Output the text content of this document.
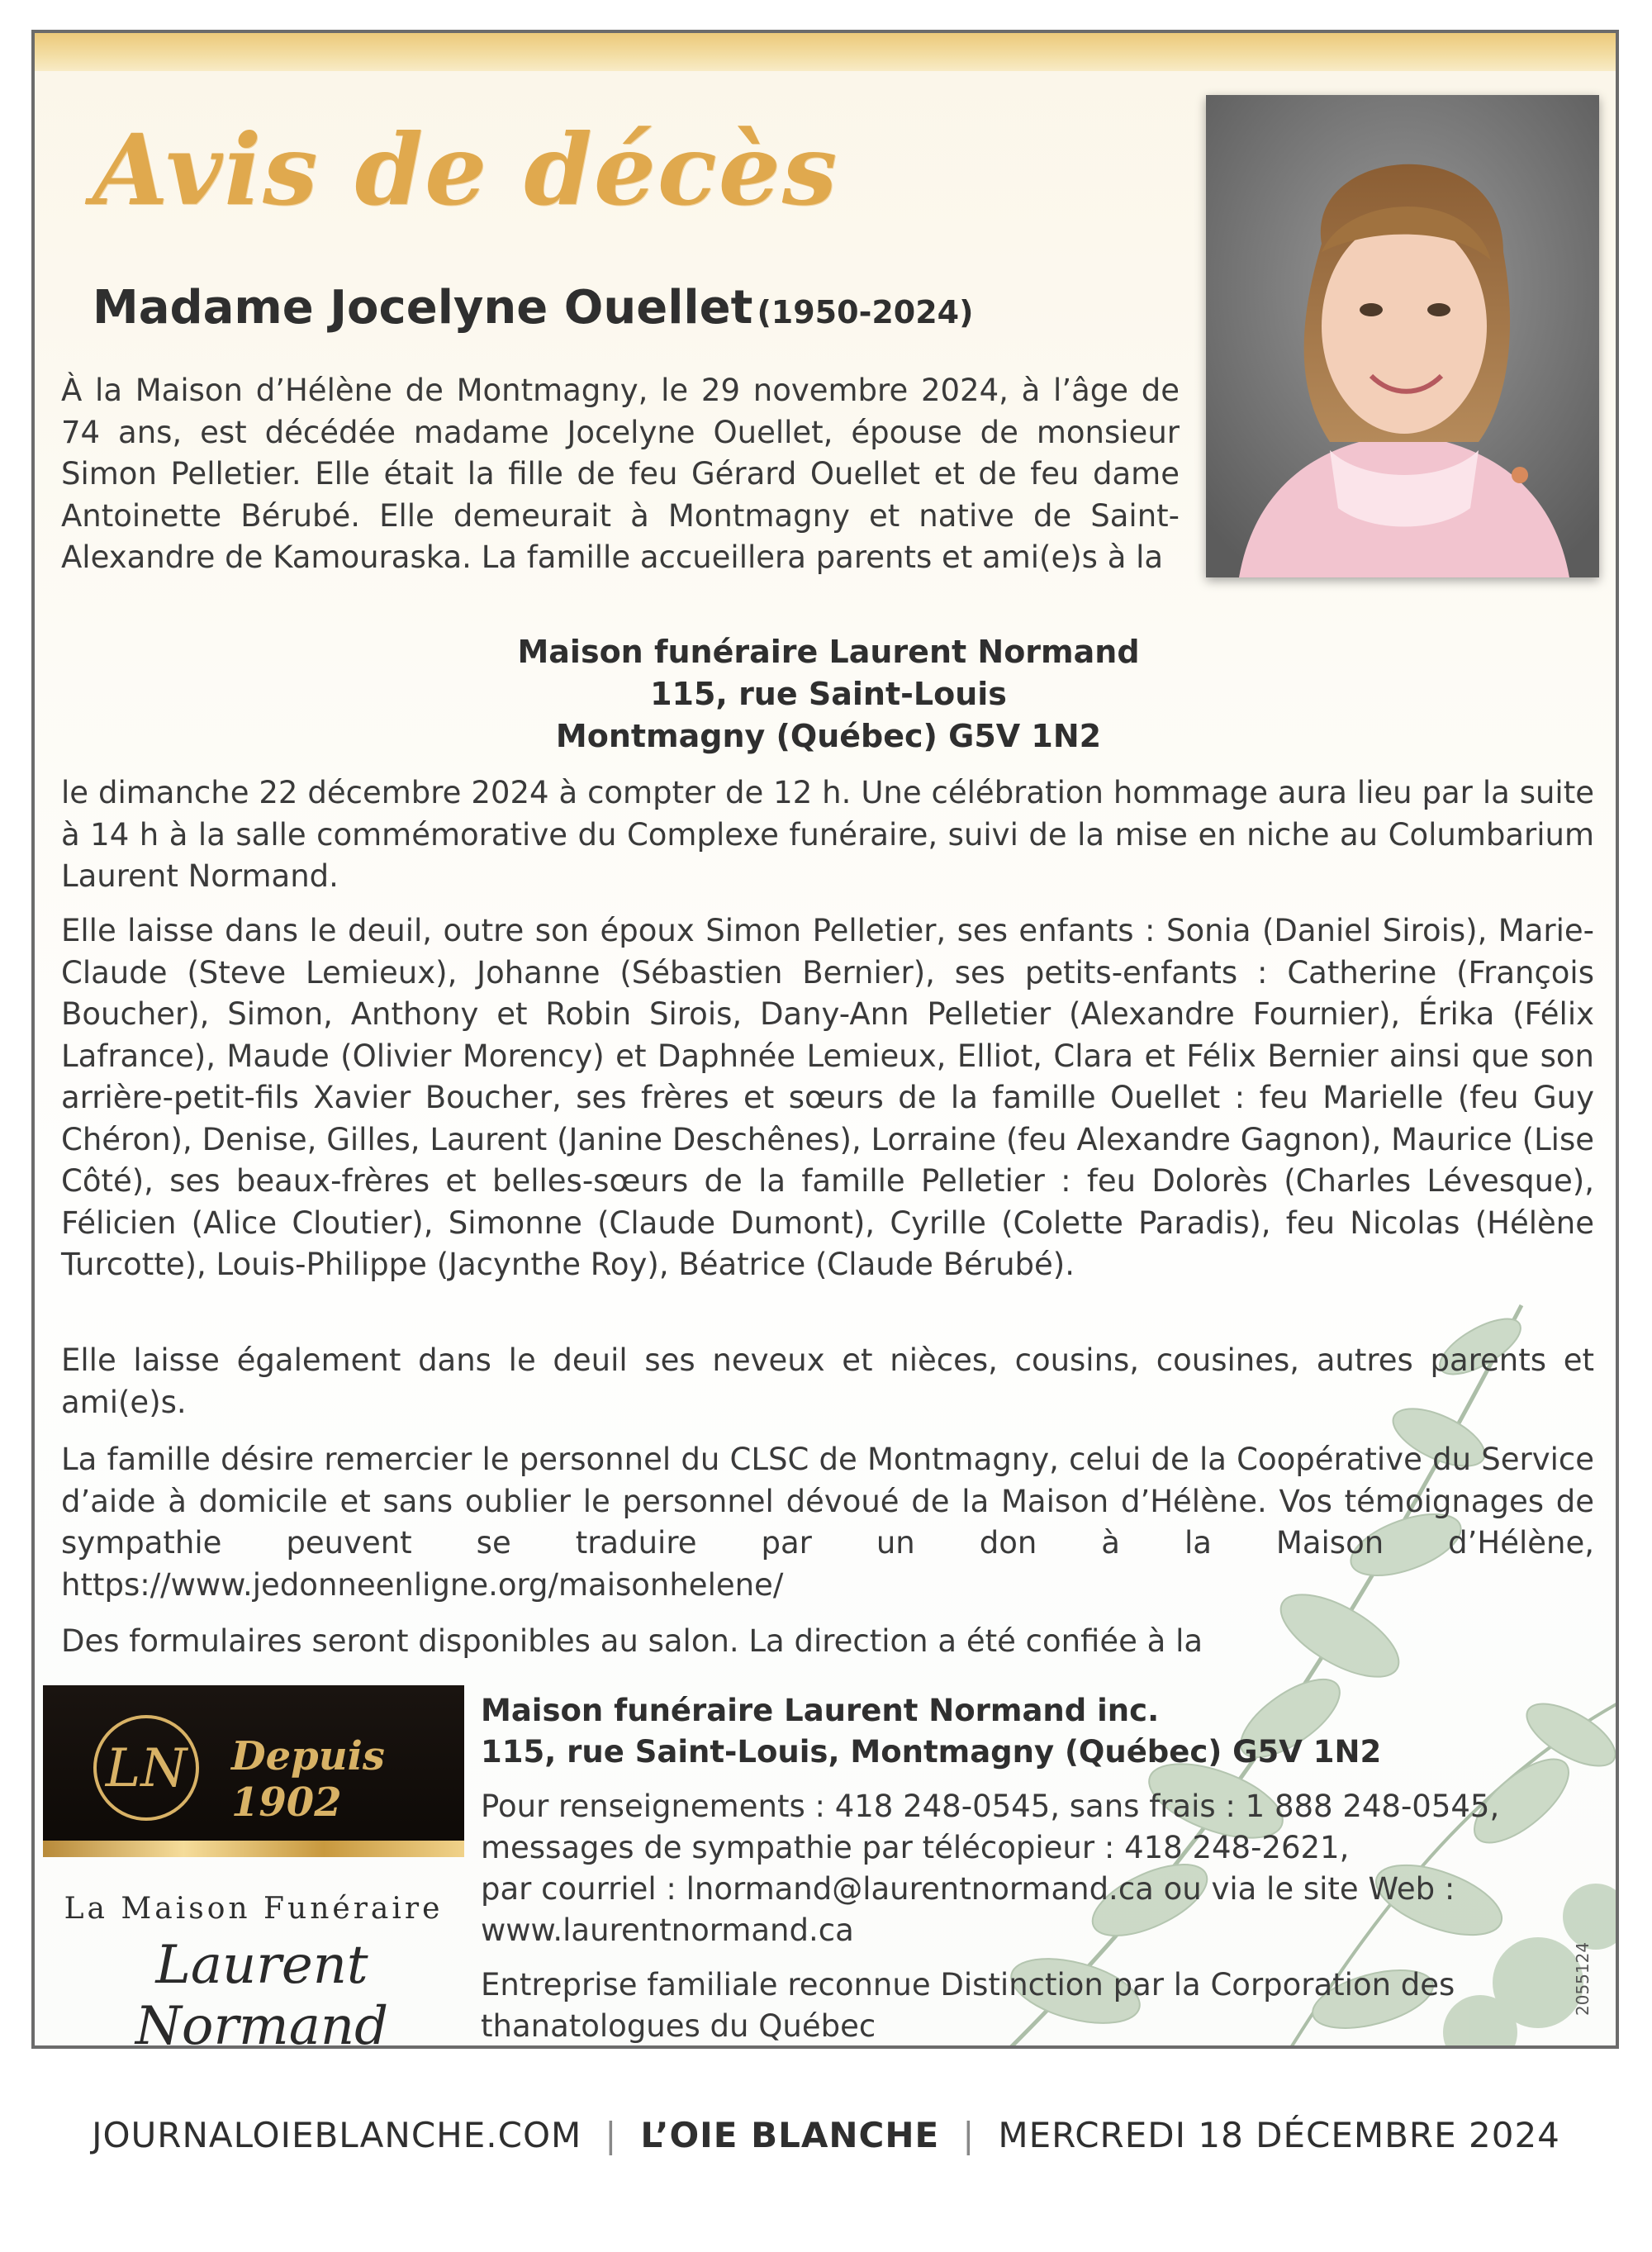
Avis de décès
Madame Jocelyne Ouellet (1950-2024)

À la Maison d’Hélène de Montmagny, le 29 novembre 2024, à l’âge de 74 ans, est décédée madame Jocelyne Ouellet, épouse de monsieur Simon Pelletier. Elle était la fille de feu Gérard Ouellet et de feu dame Antoinette Bérubé. Elle demeurait à Montmagny et native de Saint-Alexandre de Kamouraska. La famille accueillera parents et ami(e)s à la

Maison funéraire Laurent Normand
115, rue Saint-Louis
Montmagny (Québec) G5V 1N2

le dimanche 22 décembre 2024 à compter de 12 h. Une célébration hommage aura lieu par la suite à 14 h à la salle commémorative du Complexe funéraire, suivi de la mise en niche au Columbarium Laurent Normand.

Elle laisse dans le deuil, outre son époux Simon Pelletier, ses enfants : Sonia (Daniel Sirois), Marie-Claude (Steve Lemieux), Johanne (Sébastien Bernier), ses petits-enfants : Catherine (François Boucher), Simon, Anthony et Robin Sirois, Dany-Ann Pelletier (Alexandre Fournier), Érika (Félix Lafrance), Maude (Olivier Morency) et Daphnée Lemieux, Elliot, Clara et Félix Bernier ainsi que son arrière-petit-fils Xavier Boucher, ses frères et sœurs de la famille Ouellet : feu Marielle (feu Guy Chéron), Denise, Gilles, Laurent (Janine Deschênes), Lorraine (feu Alexandre Gagnon), Maurice (Lise Côté), ses beaux-frères et belles-sœurs de la famille Pelletier : feu Dolorès (Charles Lévesque), Félicien (Alice Cloutier), Simonne (Claude Dumont), Cyrille (Colette Paradis), feu Nicolas (Hélène Turcotte), Louis-Philippe (Jacynthe Roy), Béatrice (Claude Bérubé).

Elle laisse également dans le deuil ses neveux et nièces, cousins, cousines, autres parents et ami(e)s.

La famille désire remercier le personnel du CLSC de Montmagny, celui de la Coopérative du Service d’aide à domicile et sans oublier le personnel dévoué de la Maison d’Hélène. Vos témoignages de sympathie peuvent se traduire par un don à la Maison d’Hélène, https://www.jedonneenligne.org/maisonhelene/

Des formulaires seront disponibles au salon. La direction a été confiée à la

LN Depuis 1902
La Maison Funéraire
Laurent Normand
Maison funéraire Laurent Normand inc.
115, rue Saint-Louis, Montmagny (Québec) G5V 1N2
Pour renseignements : 418 248-0545, sans frais : 1 888 248-0545,
messages de sympathie par télécopieur : 418 248-2621,
par courriel : lnormand@laurentnormand.ca ou via le site Web :
www.laurentnormand.ca
Entreprise familiale reconnue Distinction par la Corporation des
thanatologues du Québec
2055124
JOURNALOIEBLANCHE.COM | L’OIE BLANCHE | MERCREDI 18 DÉCEMBRE 2024
